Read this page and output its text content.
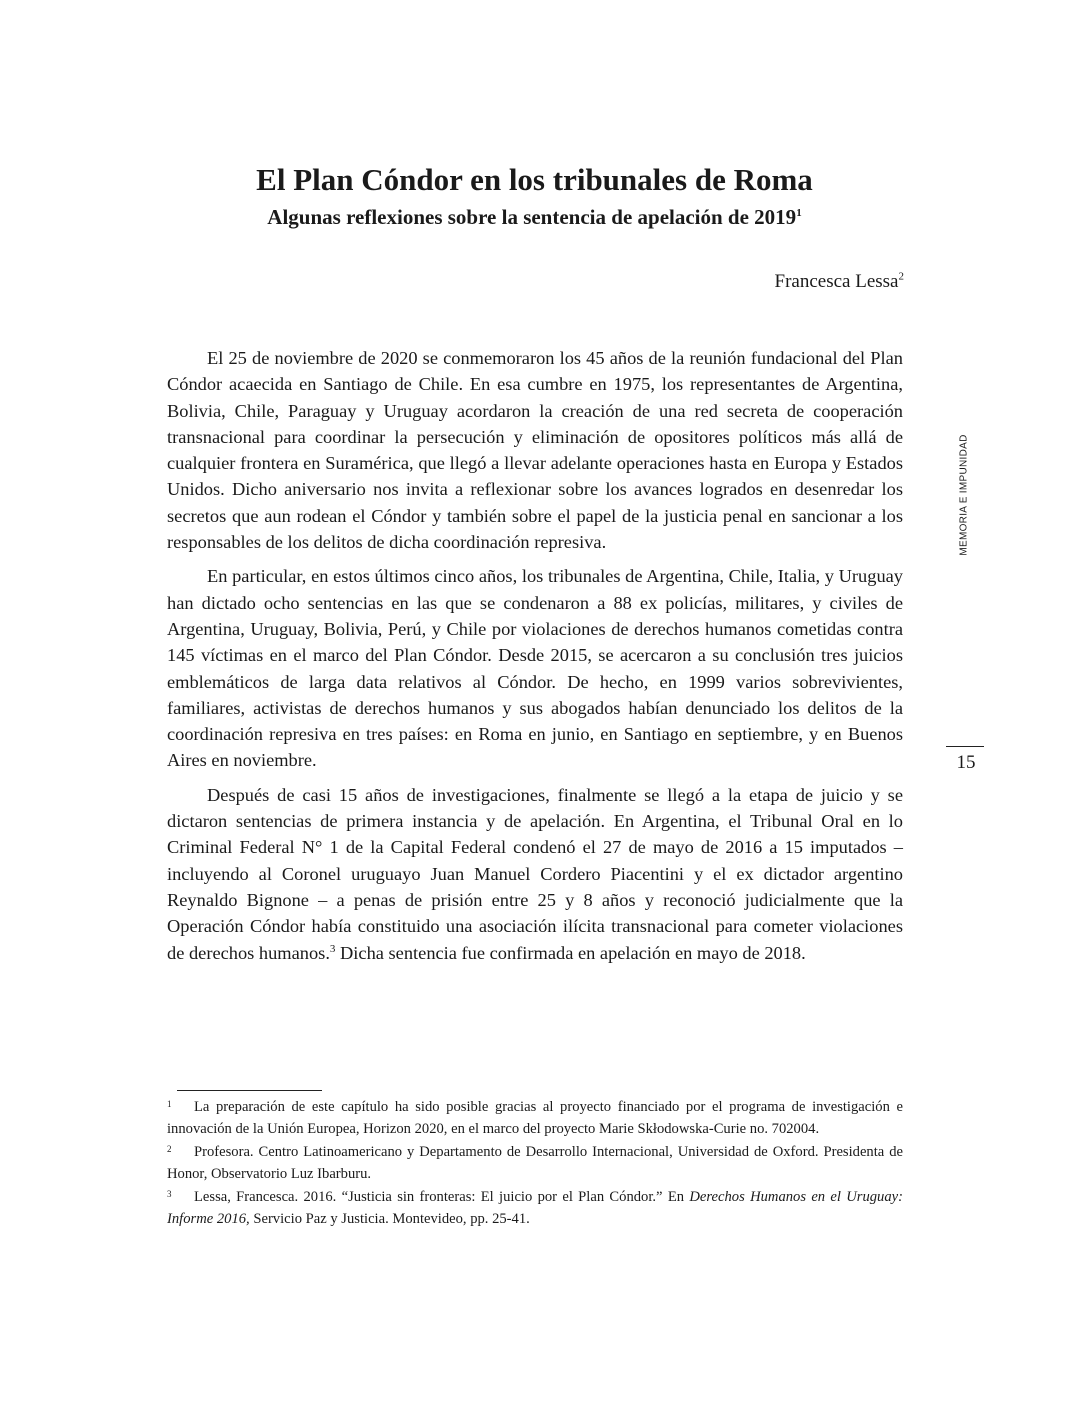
El Plan Cóndor en los tribunales de Roma
Algunas reflexiones sobre la sentencia de apelación de 2019$^1$
Francesca Lessa$^2$

El 25 de noviembre de 2020 se conmemoraron los 45 años de la reunión fundacional del Plan Cóndor acaecida en Santiago de Chile. En esa cumbre en 1975, los representantes de Argentina, Bolivia, Chile, Paraguay y Uruguay acordaron la creación de una red secreta de cooperación transnacional para coordinar la persecución y eliminación de opositores políticos más allá de cualquier frontera en Suramérica, que llegó a llevar adelante operaciones hasta en Europa y Estados Unidos. Dicho aniversario nos invita a reflexionar sobre los avances logrados en desenredar los secretos que aun rodean el Cóndor y también sobre el papel de la justicia penal en sancionar a los responsables de los delitos de dicha coordinación represiva.

En particular, en estos últimos cinco años, los tribunales de Argentina, Chile, Italia, y Uruguay han dictado ocho sentencias en las que se condenaron a 88 ex policías, militares, y civiles de Argentina, Uruguay, Bolivia, Perú, y Chile por violaciones de derechos humanos cometidas contra 145 víctimas en el marco del Plan Cóndor. Desde 2015, se acercaron a su conclusión tres juicios emblemáticos de larga data relativos al Cóndor. De hecho, en 1999 varios sobrevivientes, familiares, activistas de derechos humanos y sus abogados habían denunciado los delitos de la coordinación represiva en tres países: en Roma en junio, en Santiago en septiembre, y en Buenos Aires en noviembre.

Después de casi 15 años de investigaciones, finalmente se llegó a la etapa de juicio y se dictaron sentencias de primera instancia y de apelación. En Argentina, el Tribunal Oral en lo Criminal Federal N° 1 de la Capital Federal condenó el 27 de mayo de 2016 a 15 imputados – incluyendo al Coronel uruguayo Juan Manuel Cordero Piacentini y el ex dictador argentino Reynaldo Bignone – a penas de prisión entre 25 y 8 años y reconoció judicialmente que la Operación Cóndor había constituido una asociación ilícita transnacional para cometer violaciones de derechos humanos.$^3$ Dicha sentencia fue confirmada en apelación en mayo de 2018.

MEMORIA E IMPUNIDAD
15
1 La preparación de este capítulo ha sido posible gracias al proyecto financiado por el programa de investigación e innovación de la Unión Europea, Horizon 2020, en el marco del proyecto Marie Skłodowska-Curie no. 702004.
2 Profesora. Centro Latinoamericano y Departamento de Desarrollo Internacional, Universidad de Oxford. Presidenta de Honor, Observatorio Luz Ibarburu.
3 Lessa, Francesca. 2016. “Justicia sin fronteras: El juicio por el Plan Cóndor.” En Derechos Humanos en el Uruguay: Informe 2016, Servicio Paz y Justicia. Montevideo, pp. 25-41.
